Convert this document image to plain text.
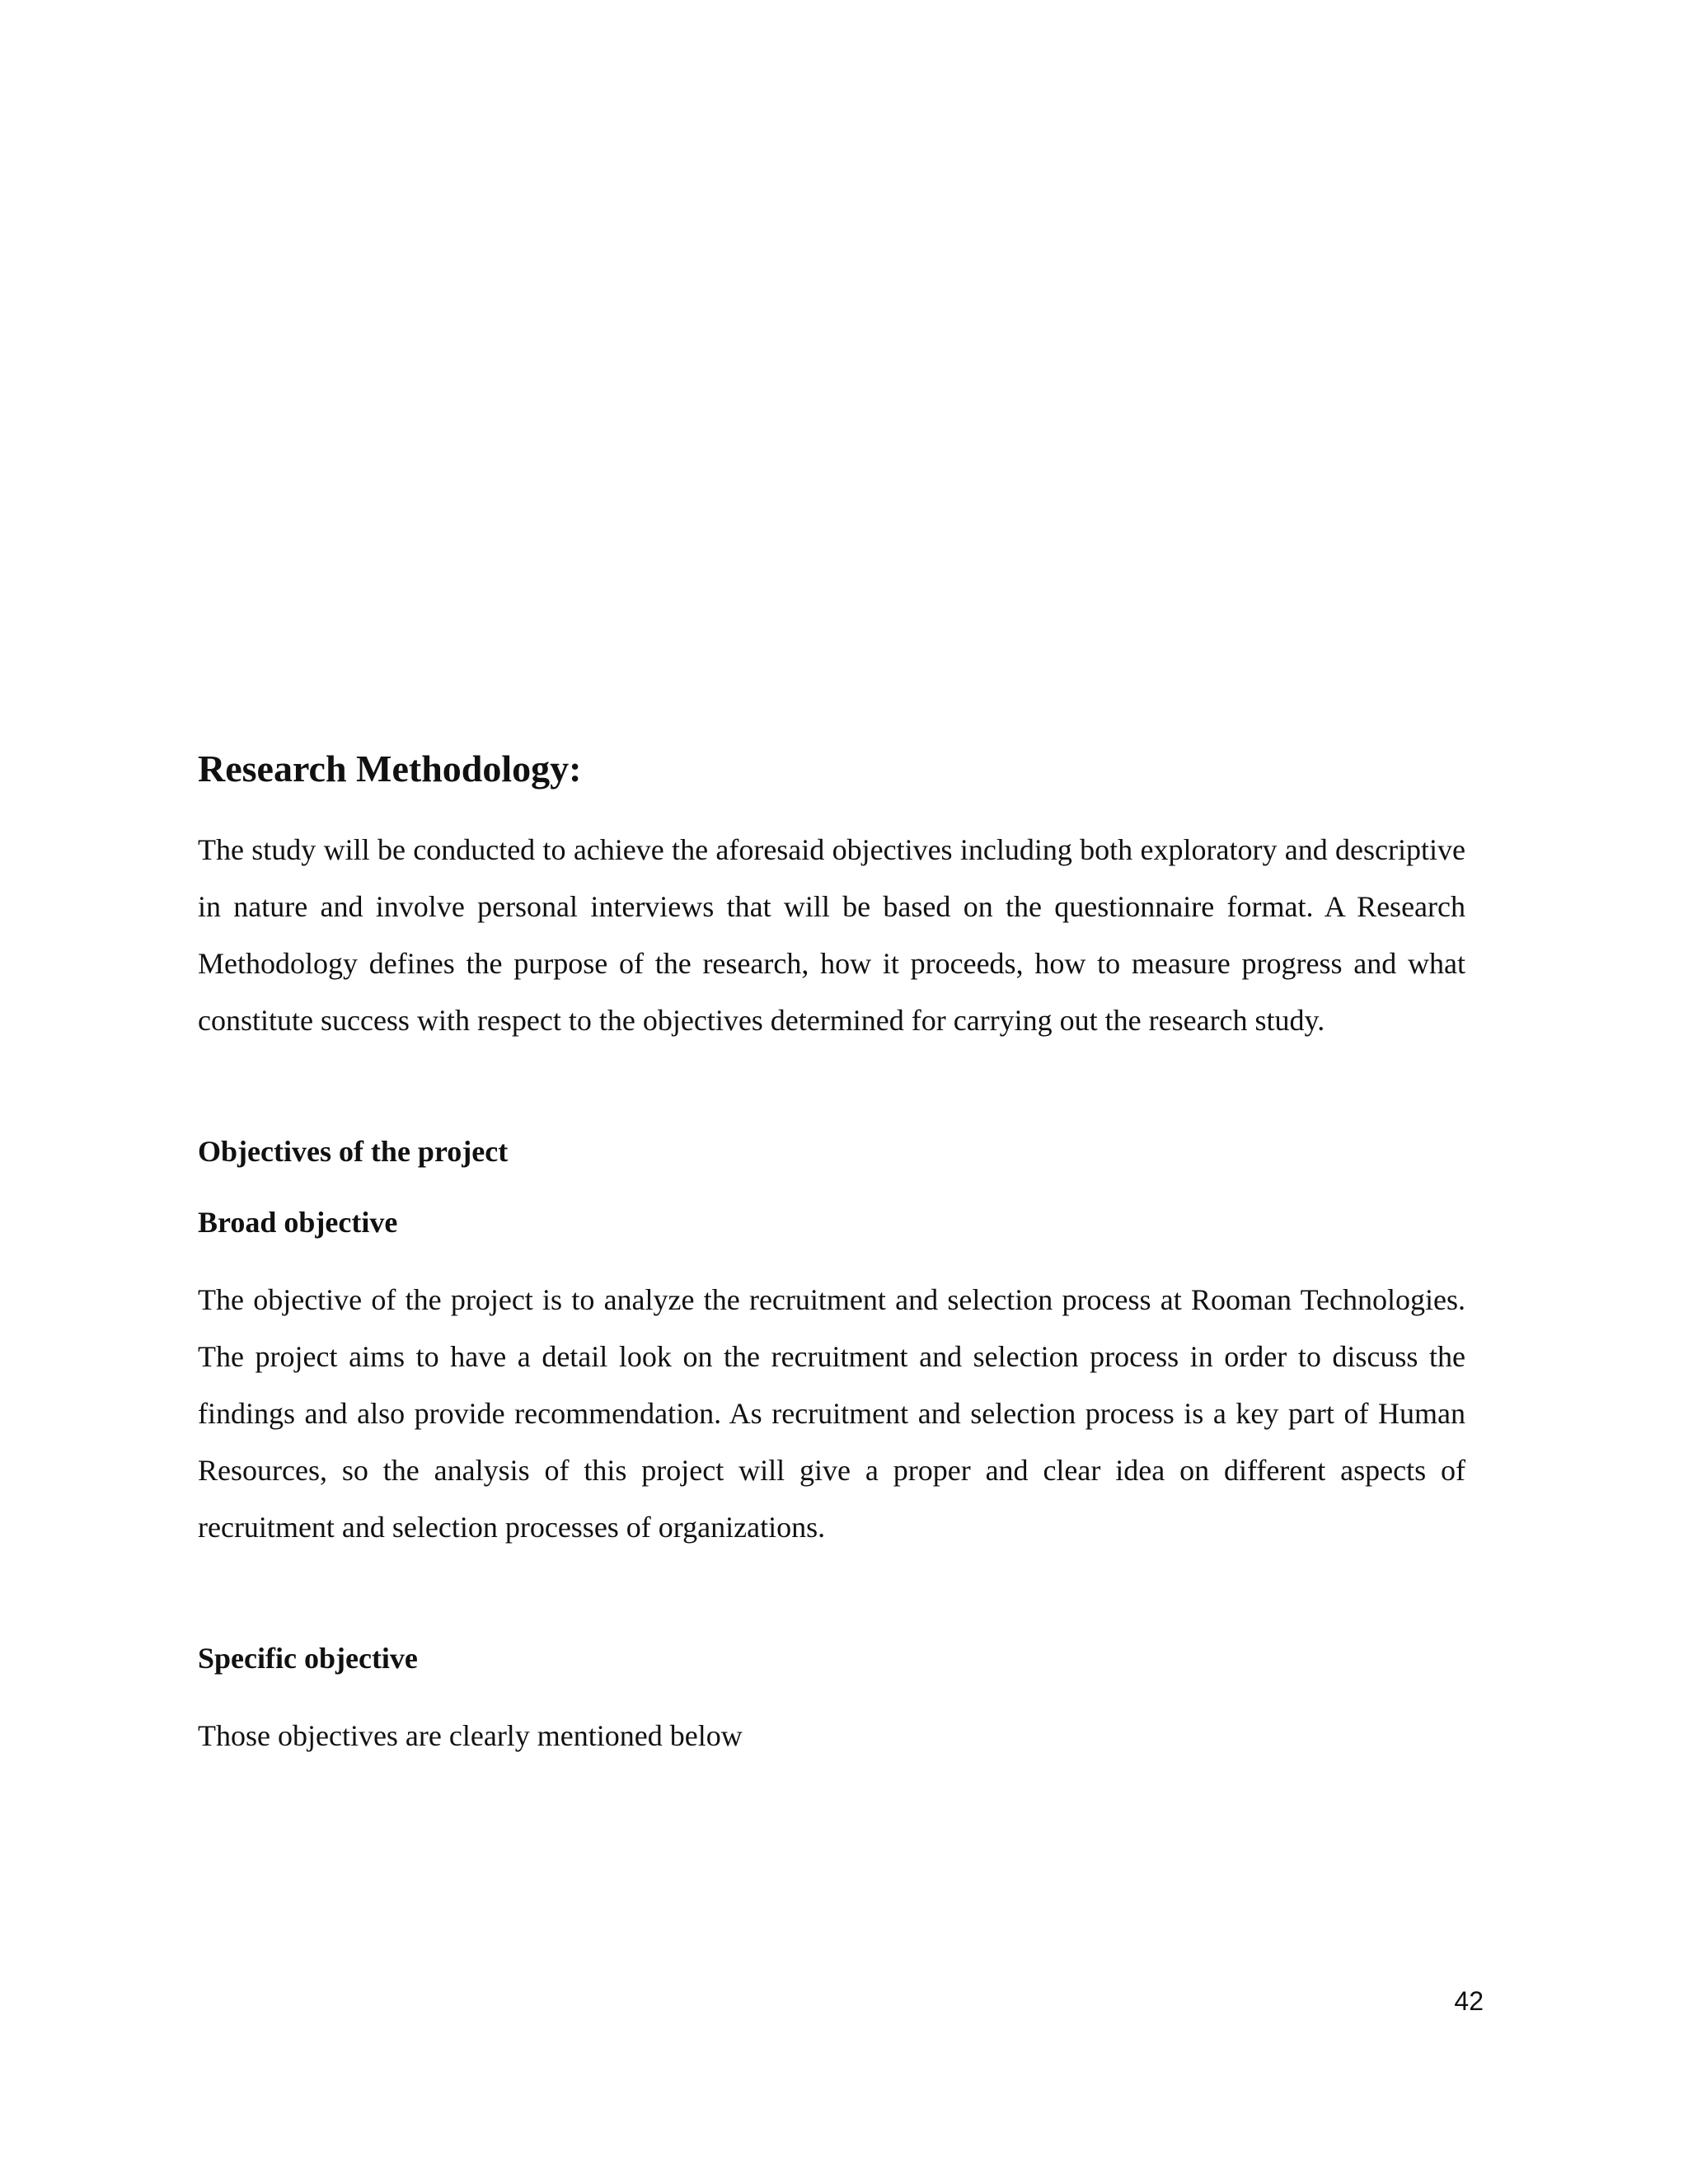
Research Methodology:

The study will be conducted to achieve the aforesaid objectives including both exploratory and descriptive in nature and involve personal interviews that will be based on the questionnaire format. A Research Methodology defines the purpose of the research, how it proceeds, how to measure progress and what constitute success with respect to the objectives determined for carrying out the research study.

Objectives of the project
Broad objective

The objective of the project is to analyze the recruitment and selection process at Rooman Technologies. The project aims to have a detail look on the recruitment and selection process in order to discuss the findings and also provide recommendation. As recruitment and selection process is a key part of Human Resources, so the analysis of this project will give a proper and clear idea on different aspects of recruitment and selection processes of organizations.

Specific objective

Those objectives are clearly mentioned below

42
